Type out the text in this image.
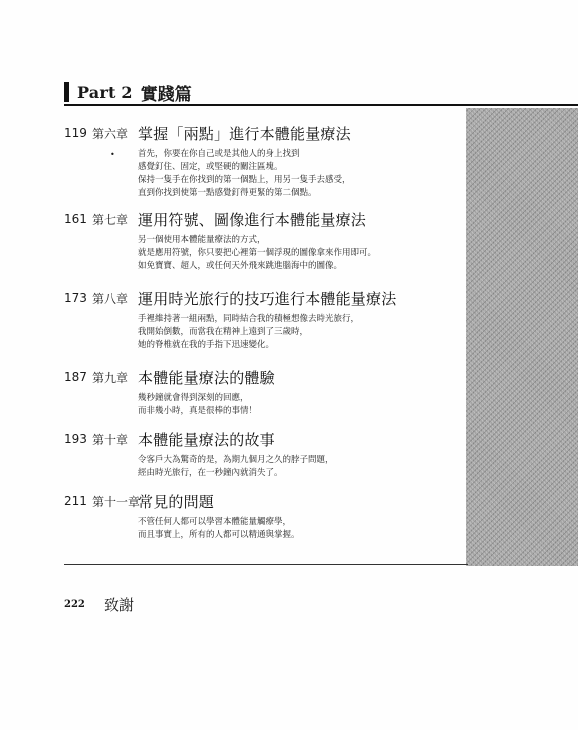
Part 2 實踐篇
119 第六章 掌握「兩點」進行本體能量療法
•	首先，你要在你自己或是其他人的身上找到
感覺釘住、固定，或堅硬的關注區塊。
保持一隻手在你找到的第一個點上，用另一隻手去感受，
直到你找到使第一點感覺釘得更緊的第二個點。
161 第七章 運用符號、圖像進行本體能量療法
另一個使用本體能量療法的方式，
就是應用符號，你只要把心裡第一個浮現的圖像拿來作用即可。
如免寶寶、超人，或任何天外飛來跳進腦海中的圖像。
173 第八章 運用時光旅行的技巧進行本體能量療法
手裡維持著一組兩點，同時結合我的積極想像去時光旅行，
我開始倒數，而當我在精神上遠到了三歲時，
她的脊椎就在我的手指下迅速變化。
187 第九章 本體能量療法的體驗
幾秒鐘就會得到深刻的回應，
而非幾小時，真是很棒的事情！
193 第十章 本體能量療法的故事
令客戶大為驚奇的是，為期九個月之久的脖子問題，
經由時光旅行，在一秒鐘內就消失了。
211 第十一章
常見的問題
不管任何人都可以學習本體能量觸療學，
而且事實上，所有的人都可以精通與掌握。
222	致謝
